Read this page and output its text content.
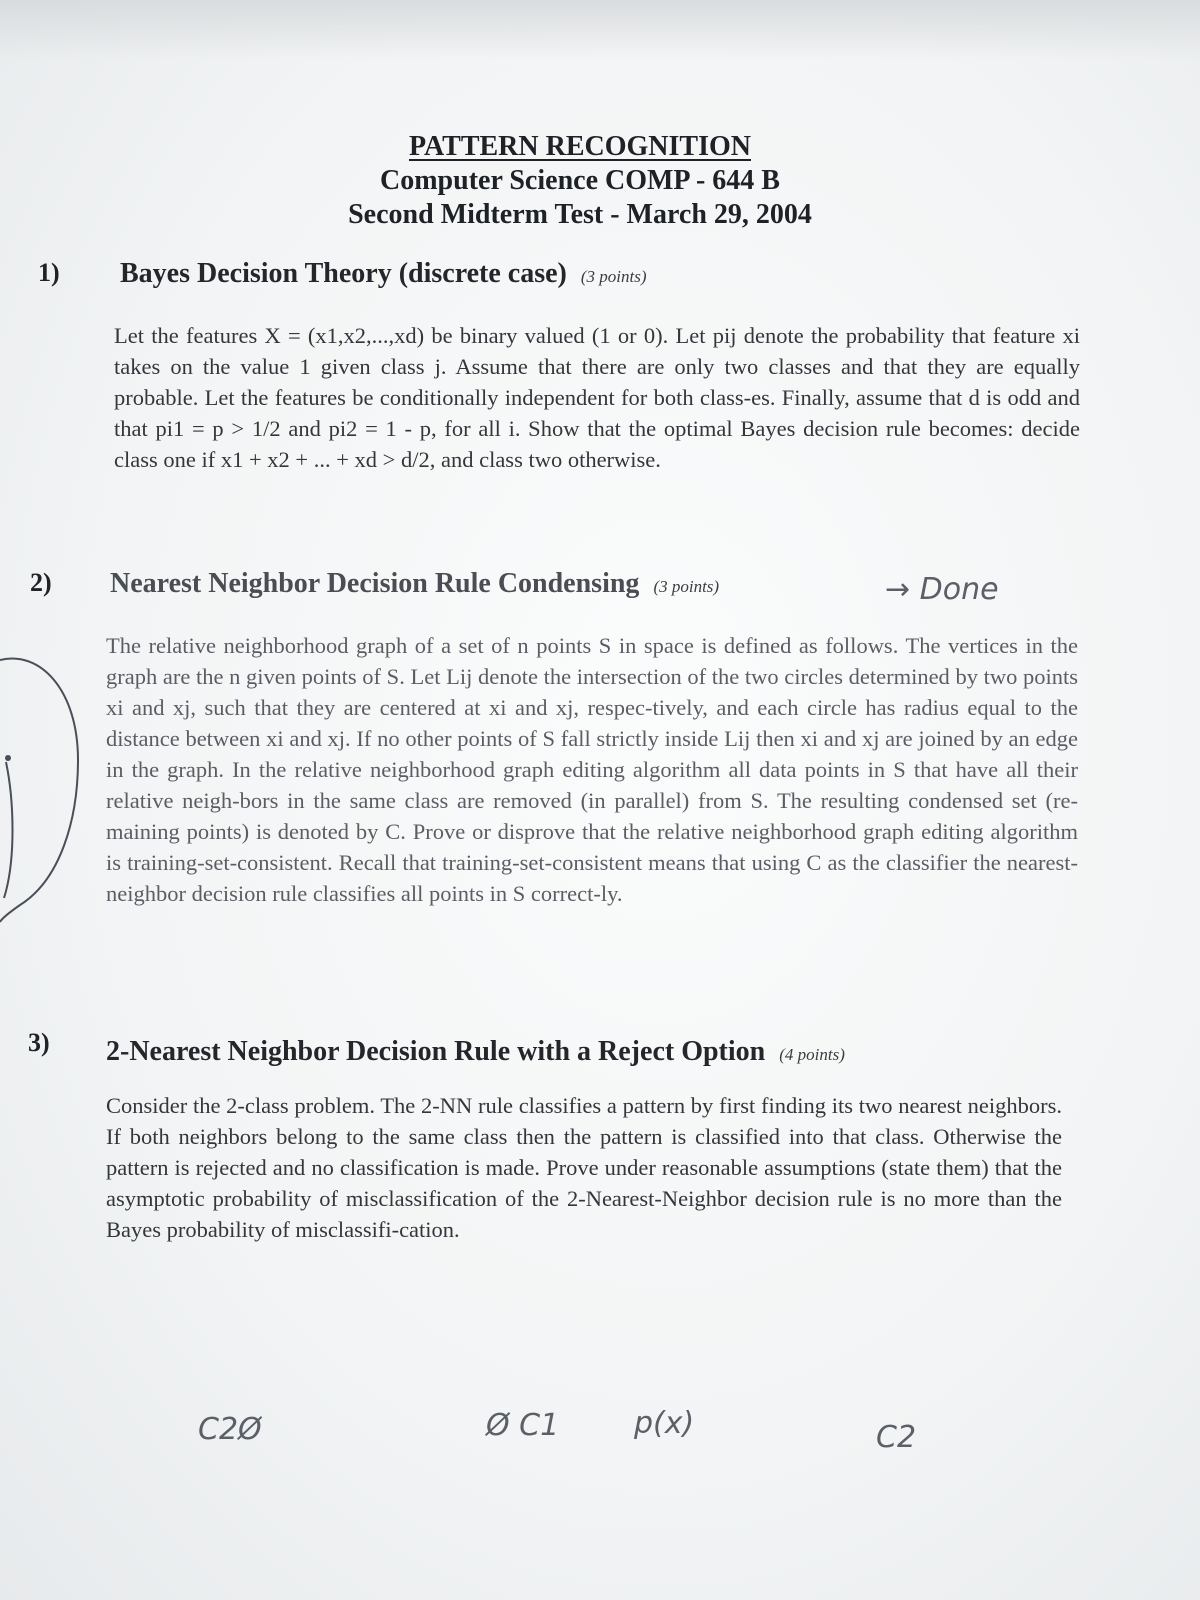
PATTERN RECOGNITION
Computer Science COMP - 644 B
Second Midterm Test - March 29, 2004
1) Bayes Decision Theory (discrete case) (3 points)
Let the features X = (x1,x2,...,xd) be binary valued (1 or 0). Let pij denote the probability that feature xi takes on the value 1 given class j. Assume that there are only two classes and that they are equally probable. Let the features be conditionally independent for both class-es. Finally, assume that d is odd and that pi1 = p > 1/2 and pi2 = 1 - p, for all i. Show that the optimal Bayes decision rule becomes: decide class one if x1 + x2 + ... + xd > d/2, and class two otherwise.
2) Nearest Neighbor Decision Rule Condensing (3 points)	→ Done
The relative neighborhood graph of a set of n points S in space is defined as follows. The vertices in the graph are the n given points of S. Let Lij denote the intersection of the two circles determined by two points xi and xj, such that they are centered at xi and xj, respec-tively, and each circle has radius equal to the distance between xi and xj. If no other points of S fall strictly inside Lij then xi and xj are joined by an edge in the graph. In the relative neighborhood graph editing algorithm all data points in S that have all their relative neigh-bors in the same class are removed (in parallel) from S. The resulting condensed set (re-maining points) is denoted by C. Prove or disprove that the relative neighborhood graph editing algorithm is training-set-consistent. Recall that training-set-consistent means that using C as the classifier the nearest-neighbor decision rule classifies all points in S correct-ly.
3) 2-Nearest Neighbor Decision Rule with a Reject Option (4 points)
Consider the 2-class problem. The 2-NN rule classifies a pattern by first finding its two nearest neighbors. If both neighbors belong to the same class then the pattern is classified into that class. Otherwise the pattern is rejected and no classification is made. Prove under reasonable assumptions (state them) that the asymptotic probability of misclassification of the 2-Nearest-Neighbor decision rule is no more than the Bayes probability of misclassifi-cation.
C2Ø	Ø C1 p(x)	C2
